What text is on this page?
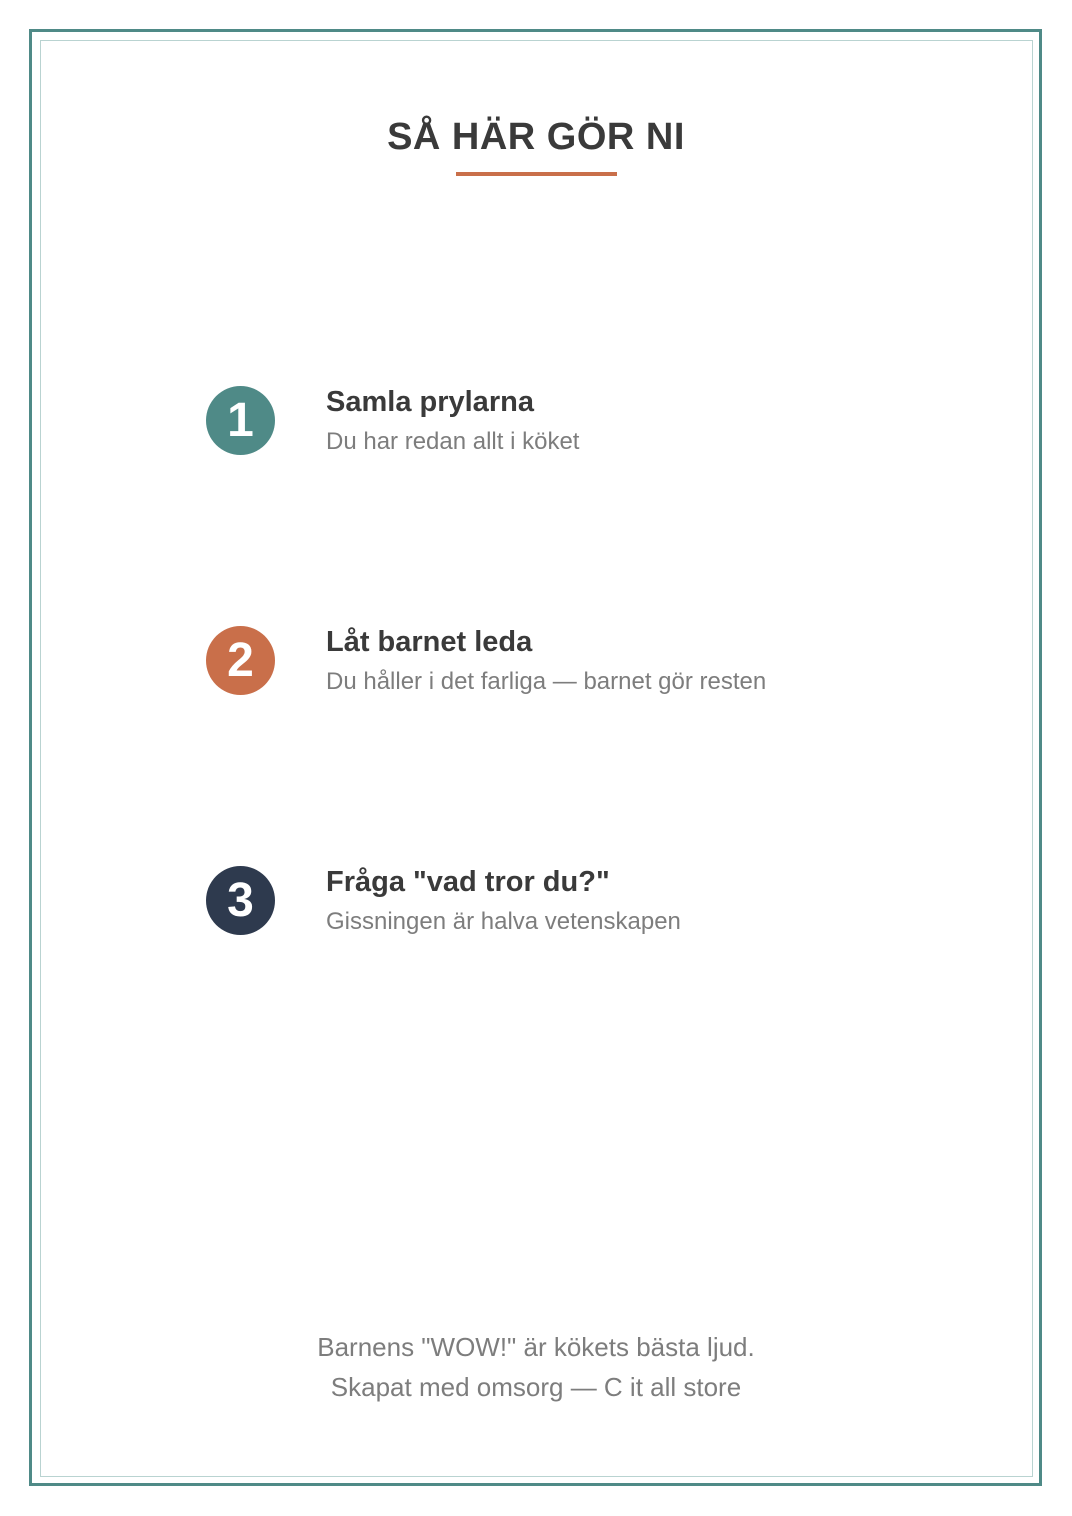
SÅ HÄR GÖR NI
1	Samla prylarna
Du har redan allt i köket
2	Låt barnet leda
Du håller i det farliga — barnet gör resten
3	Fråga "vad tror du?"
Gissningen är halva vetenskapen
Barnens "WOW!" är kökets bästa ljud.
Skapat med omsorg — C it all store
